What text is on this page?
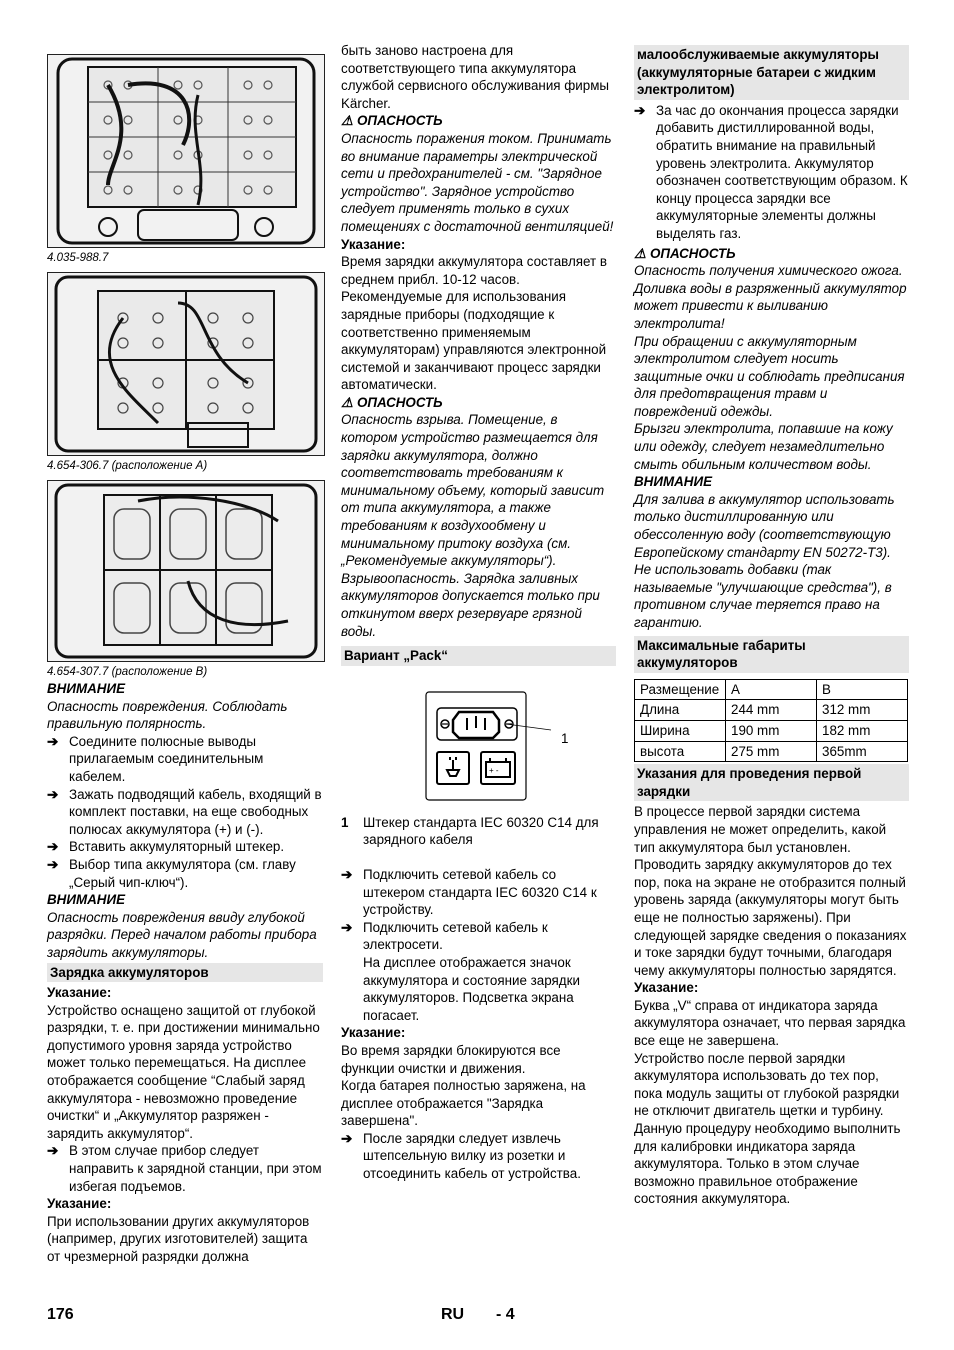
4.035-988.7

4.654-306.7 (расположение А)

4.654-307.7 (расположение В)

ВНИМАНИЕ

Опасность повреждения. Соблюдать правильную полярность.

➔ Соедините полюсные выводы прилагаемым соединительным кабелем.
➔ Зажать подводящий кабель, входящий в комплект поставки, на еще свободных полюсах аккумулятора (+) и (-).
➔ Вставить аккумуляторный штекер.
➔ Выбор типа аккумулятора (см. главу „Серый чип-ключ“).

ВНИМАНИЕ

Опасность повреждения ввиду глубокой разрядки. Перед началом работы прибора зарядить аккумуляторы.

Зарядка аккумуляторов

Указание:

Устройство оснащено защитой от глубокой разрядки, т. е. при достижении минимально допустимого уровня заряда устройство может только перемещаться. На дисплее отображается сообщение “Слабый заряд аккумулятора - невозможно проведение очистки“ и „Аккумулятор разряжен - зарядить аккумулятор“.

➔ В этом случае прибор следует направить к зарядной станции, при этом избегая подъемов.

Указание:

При использовании других аккумуляторов (например, других изготовителей) защита от чрезмерной разрядки должна

быть заново настроена для соответствующего типа аккумулятора службой сервисного обслуживания фирмы Kärcher.

⚠ ОПАСНОСТЬ

Опасность поражения током. Принимать во внимание параметры электрической сети и предохранителей - см. "Зарядное устройство". Зарядное устройство следует применять только в сухих помещениях с достаточной вентиляцией!

Указание:

Время зарядки аккумулятора составляет в среднем прибл. 10-12 часов. Рекомендуемые для использования зарядные приборы (подходящие к соответственно применяемым аккумуляторам) управляются электронной системой и заканчивают процесс зарядки автоматически.

⚠ ОПАСНОСТЬ

Опасность взрыва. Помещение, в котором устройство размещается для зарядки аккумулятора, должно соответствовать требованиям к минимальному объему, который зависит от типа аккумулятора, а также требованиям к воздухообмену и минимальному притоку воздуха (см. „Рекомендуемые аккумуляторы“).

Взрывоопасность. Зарядка заливных аккумуляторов допускается только при откинутом вверх резервуаре грязной воды.

Вариант „Pack“
+ -
1
1	Штекер стандарта IEC 60320 C14 для зарядного кабеля
➔ Подключить сетевой кабель со штекером стандарта IEC 60320 C14 к устройству.
➔ Подключить сетевой кабель к электросети.

На дисплее отображается значок аккумулятора и состояние зарядки аккумуляторов. Подсветка экрана погасает.

Указание:

Во время зарядки блокируются все функции очистки и движения.

Когда батарея полностью заряжена, на дисплее отображается "Зарядка завершена".

➔ После зарядки следует извлечь штепсельную вилку из розетки и отсоединить кабель от устройства.
малообслуживаемые аккумуляторы (аккумуляторные батареи с жидким электролитом)
➔ За час до окончания процесса зарядки добавить дистиллированной воды, обратить внимание на правильный уровень электролита. Аккумулятор обозначен соответствующим образом. К концу процесса зарядки все аккумуляторные элементы должны выделять газ.

⚠ ОПАСНОСТЬ

Опасность получения химического ожога. Доливка воды в разряженный аккумулятор может привести к выливанию электролита!

При обращении с аккумуляторным электролитом следует носить защитные очки и соблюдать предписания для предотвращения травм и повреждений одежды.

Брызги электролита, попавшие на кожу или одежду, следует незамедлительно смыть обильным количеством воды.

ВНИМАНИЕ

Для залива в аккумулятор использовать только дистиллированную или обессоленную воду (соответствующую Европейскому стандарту EN 50272-T3).

Не использовать добавки (так называемые "улучшающие средства"), в противном случае теряется право на гарантию.

Максимальные габариты аккумуляторов
Размещение	A	B
Длина	244 mm	312 mm
Ширина	190 mm	182 mm
высота	275 mm	365mm
Указания для проведения первой зарядки

В процессе первой зарядки система управления не может определить, какой тип аккумулятора был установлен. Проводить зарядку аккумуляторов до тех пор, пока на экране не отобразится полный уровень заряда (аккумуляторы могут быть еще не полностью заряжены). При следующей зарядке сведения о показаниях и токе зарядки будут точными, благодаря чему аккумуляторы полностью зарядятся.

Указание:

Буква „V“ справа от индикатора заряда аккумулятора означает, что первая зарядка все еще не завершена.

Устройство после первой зарядки аккумулятора использовать до тех пор, пока модуль защиты от глубокой разрядки не отключит двигатель щетки и турбину. Данную процедуру необходимо выполнить для калибровки индикатора заряда аккумулятора. Только в этом случае возможно правильное отображение состояния аккумулятора.

176	RU - 4
